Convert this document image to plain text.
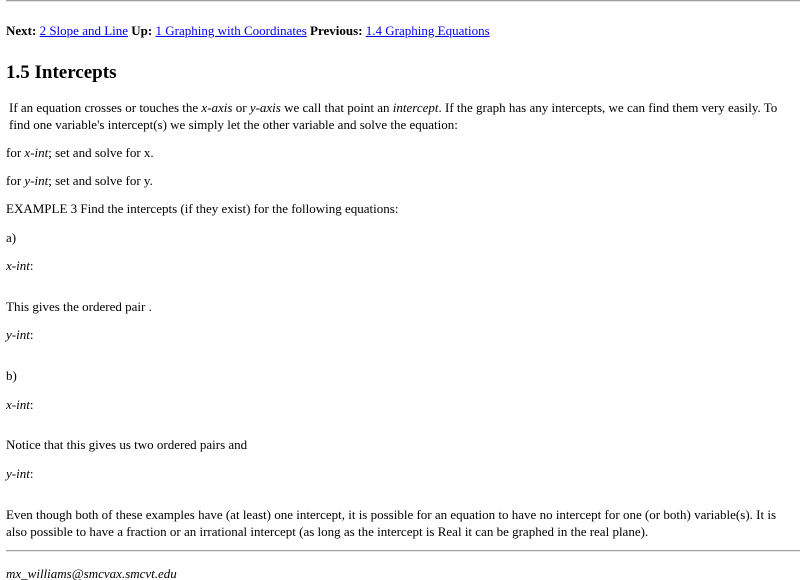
Next: 2 Slope and Line Up: 1 Graphing with Coordinates Previous: 1.4 Graphing Equations
1.5 Intercepts

If an equation crosses or touches the x-axis or y-axis we call that point an intercept. If the graph has any intercepts, we can find them very easily. To find one variable's intercept(s) we simply let the other variable and solve the equation:

for x-int; set and solve for x.
for y-int; set and solve for y.
EXAMPLE 3 Find the intercepts (if they exist) for the following equations:
a)
x-int:
This gives the ordered pair .
y-int:
b)
x-int:
Notice that this gives us two ordered pairs and
y-int:

Even though both of these examples have (at least) one intercept, it is possible for an equation to have no intercept for one (or both) variable(s). It is also possible to have a fraction or an irrational intercept (as long as the intercept is Real it can be graphed in the real plane).

mx_williams@smcvax.smcvt.edu
